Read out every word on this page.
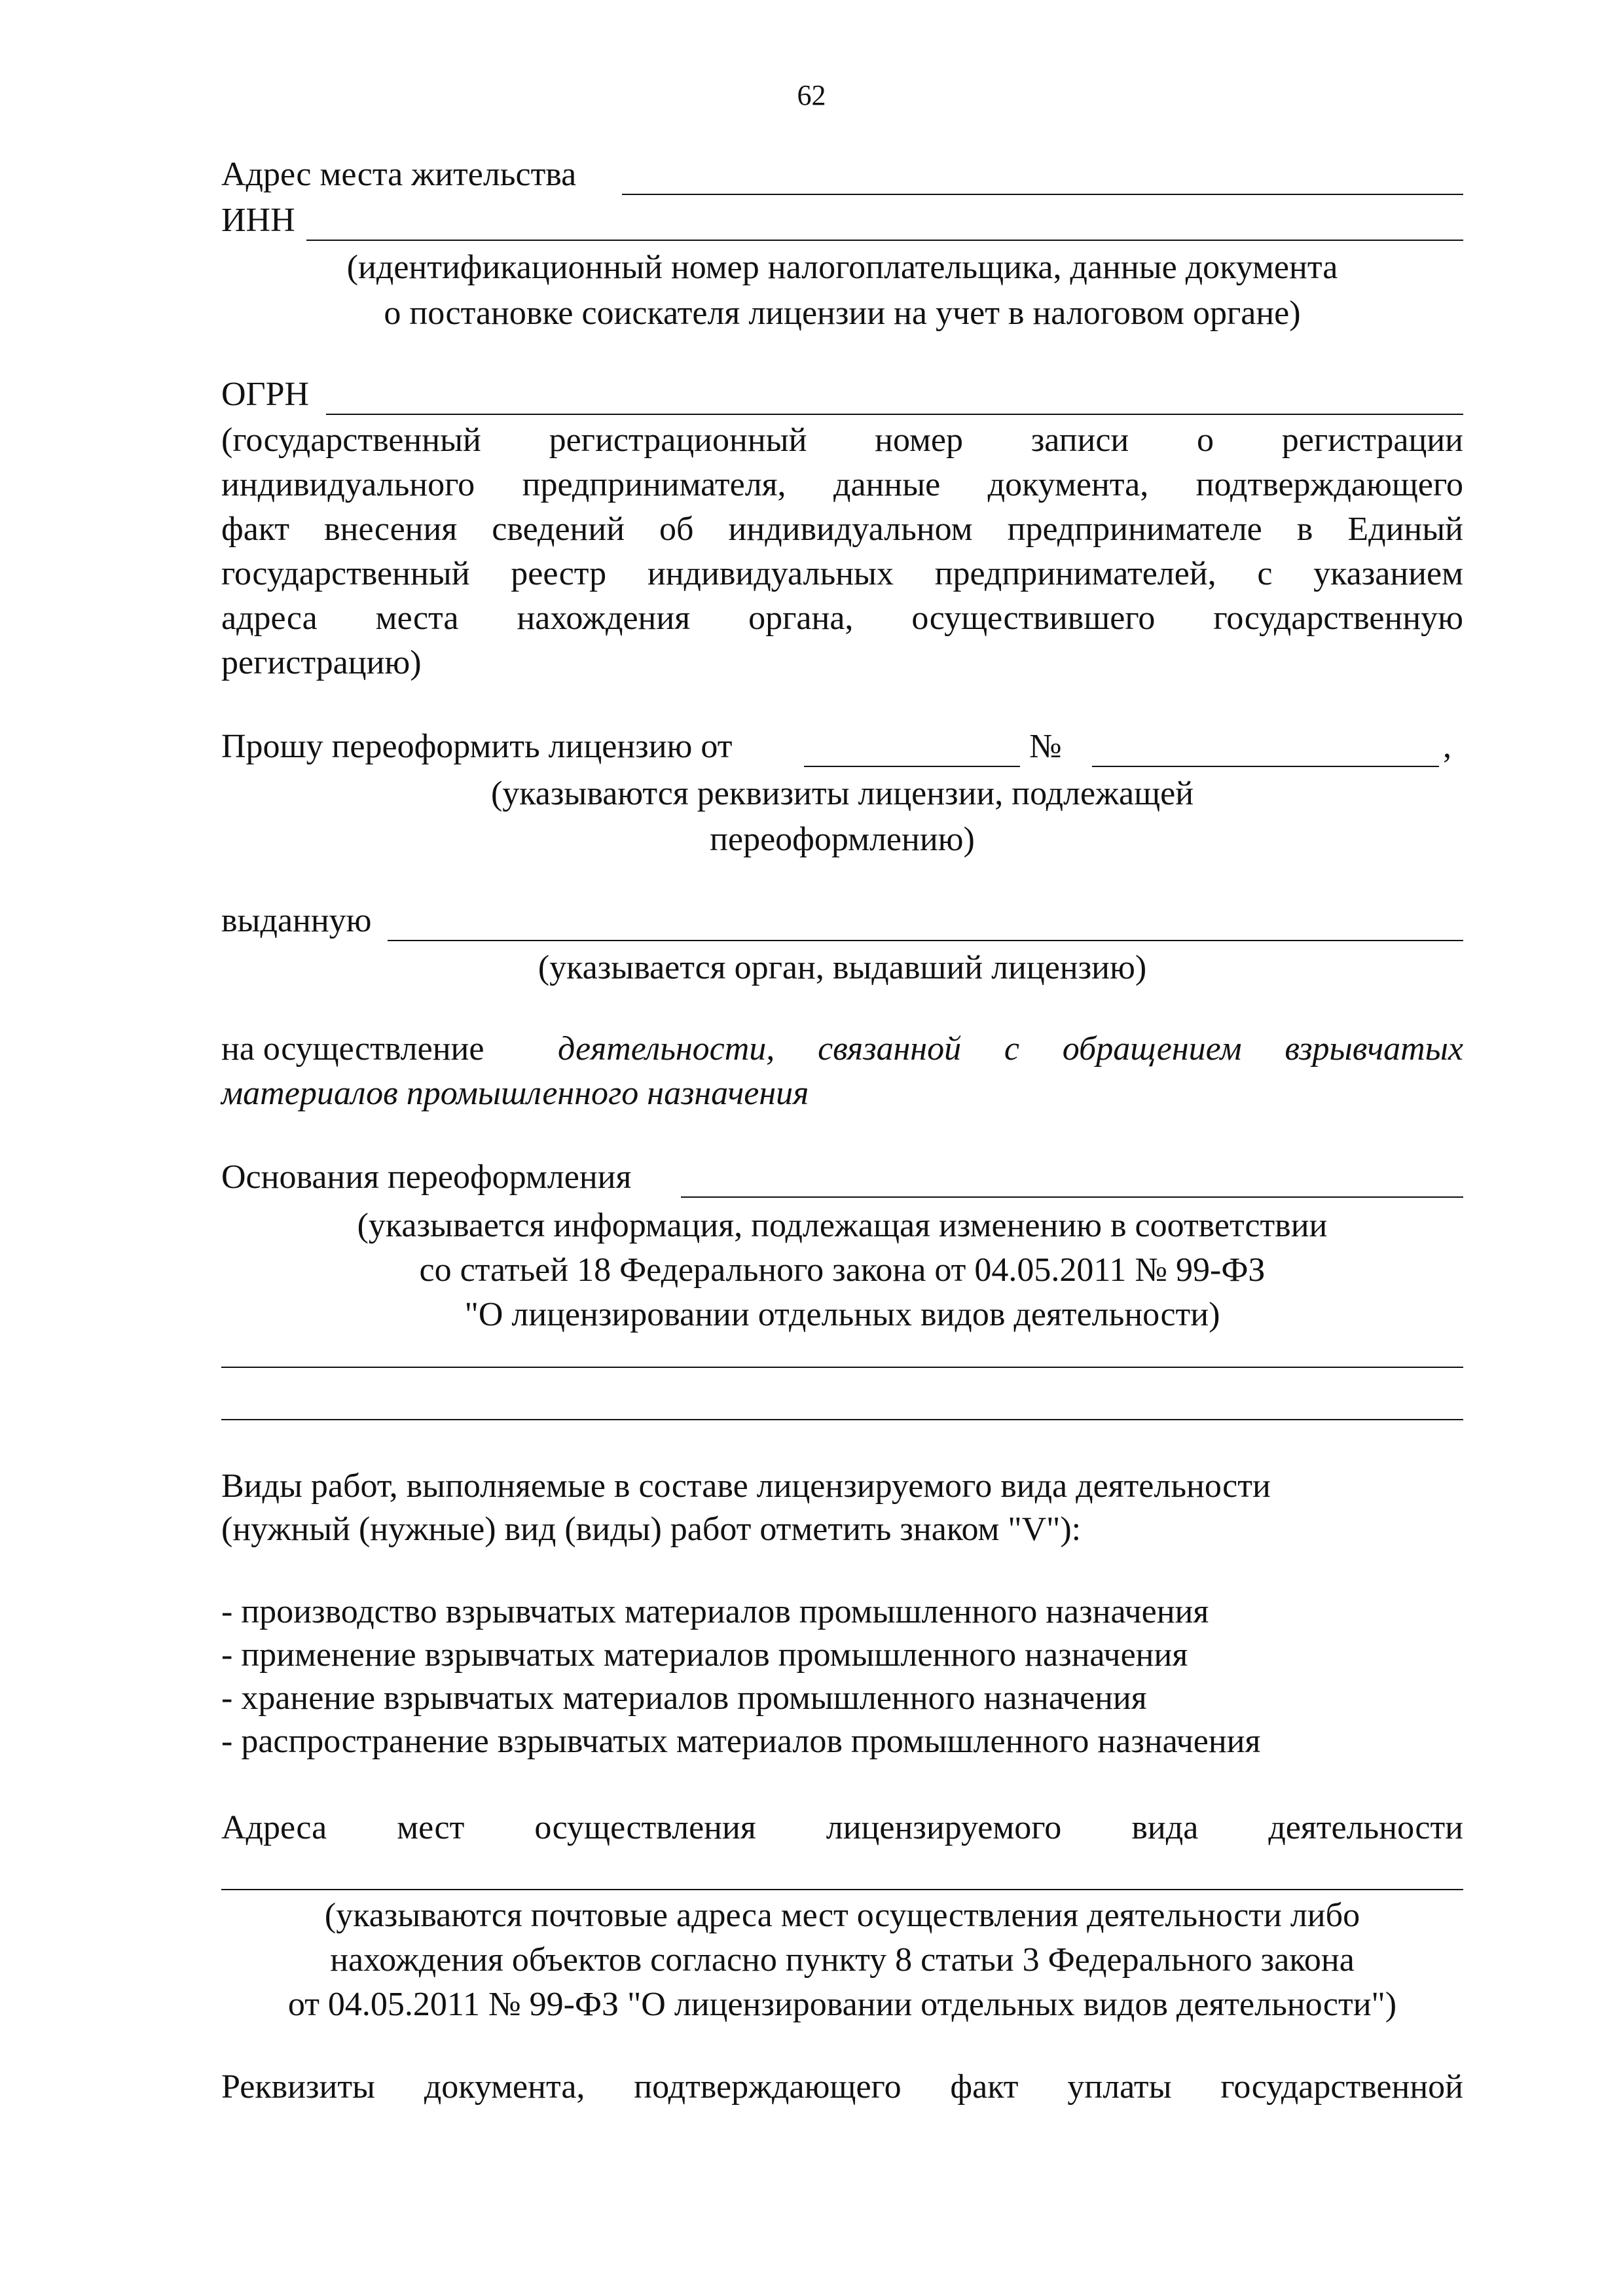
62
Адрес места жительства
ИНН
(идентификационный номер налогоплательщика, данные документа
о постановке соискателя лицензии на учет в налоговом органе)
ОГРН
(государственный регистрационный номер записи о регистрации
индивидуального предпринимателя, данные документа, подтверждающего
факт внесения сведений об индивидуальном предпринимателе в Единый
государственный реестр индивидуальных предпринимателей, с указанием
адреса места нахождения органа, осуществившего государственную
регистрацию)
Прошу переоформить лицензию от	№	,
(указываются реквизиты лицензии, подлежащей
переоформлению)
выданную
(указывается орган, выдавший лицензию)
на осуществление деятельности, связанной с обращением взрывчатых
материалов промышленного назначения
Основания переоформления
(указывается информация, подлежащая изменению в соответствии
со статьей 18 Федерального закона от 04.05.2011 № 99-ФЗ
"О лицензировании отдельных видов деятельности)
Виды работ, выполняемые в составе лицензируемого вида деятельности
(нужный (нужные) вид (виды) работ отметить знаком "V"):
- производство взрывчатых материалов промышленного назначения
- применение взрывчатых материалов промышленного назначения
- хранение взрывчатых материалов промышленного назначения
- распространение взрывчатых материалов промышленного назначения
Адреса мест осуществления лицензируемого вида деятельности
(указываются почтовые адреса мест осуществления деятельности либо
нахождения объектов согласно пункту 8 статьи 3 Федерального закона
от 04.05.2011 № 99-ФЗ "О лицензировании отдельных видов деятельности")
Реквизиты документа, подтверждающего факт уплаты государственной
